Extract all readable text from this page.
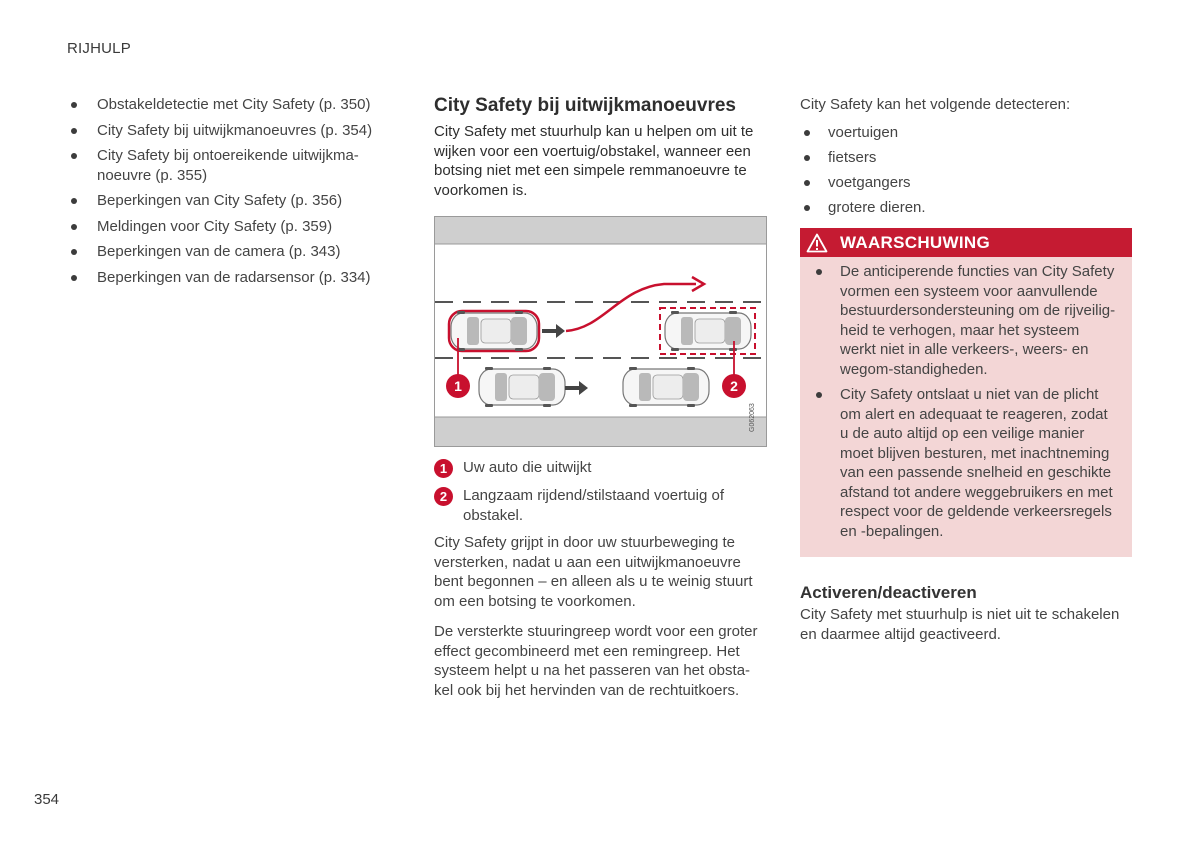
RIJHULP
Obstakeldetectie met City Safety (p. 350)
City Safety bij uitwijkmanoeuvres (p. 354)
City Safety bij ontoereikende uitwijkma-noeuvre (p. 355)
Beperkingen van City Safety (p. 356)
Meldingen voor City Safety (p. 359)
Beperkingen van de camera (p. 343)
Beperkingen van de radarsensor (p. 334)
City Safety bij uitwijkmanoeuvres

City Safety met stuurhulp kan u helpen om uit te wijken voor een voertuig/obstakel, wanneer een botsing niet met een simpele remmanoeuvre te voorkomen is.

1	2
G062063
1	Uw auto die uitwijkt
2	Langzaam rijdend/stilstaand voertuig of obstakel.

City Safety grijpt in door uw stuurbeweging te versterken, nadat u aan een uitwijkmanoeuvre bent begonnen – en alleen als u te weinig stuurt om een botsing te voorkomen.

De versterkte stuuringreep wordt voor een groter effect gecombineerd met een remingreep. Het systeem helpt u na het passeren van het obsta-kel ook bij het hervinden van de rechtuitkoers.

City Safety kan het volgende detecteren:

voertuigen
fietsers
voetgangers
grotere dieren.
WAARSCHUWING
De anticiperende functies van City Safety vormen een systeem voor aanvullende bestuurdersondersteuning om de rijveilig-heid te verhogen, maar het systeem werkt niet in alle verkeers-, weers- en wegom-standigheden.
City Safety ontslaat u niet van de plicht om alert en adequaat te reageren, zodat u de auto altijd op een veilige manier moet blijven besturen, met inachtneming van een passende snelheid en geschikte afstand tot andere weggebruikers en met respect voor de geldende verkeersregels en -bepalingen.
Activeren/deactiveren

City Safety met stuurhulp is niet uit te schakelen en daarmee altijd geactiveerd.

354
